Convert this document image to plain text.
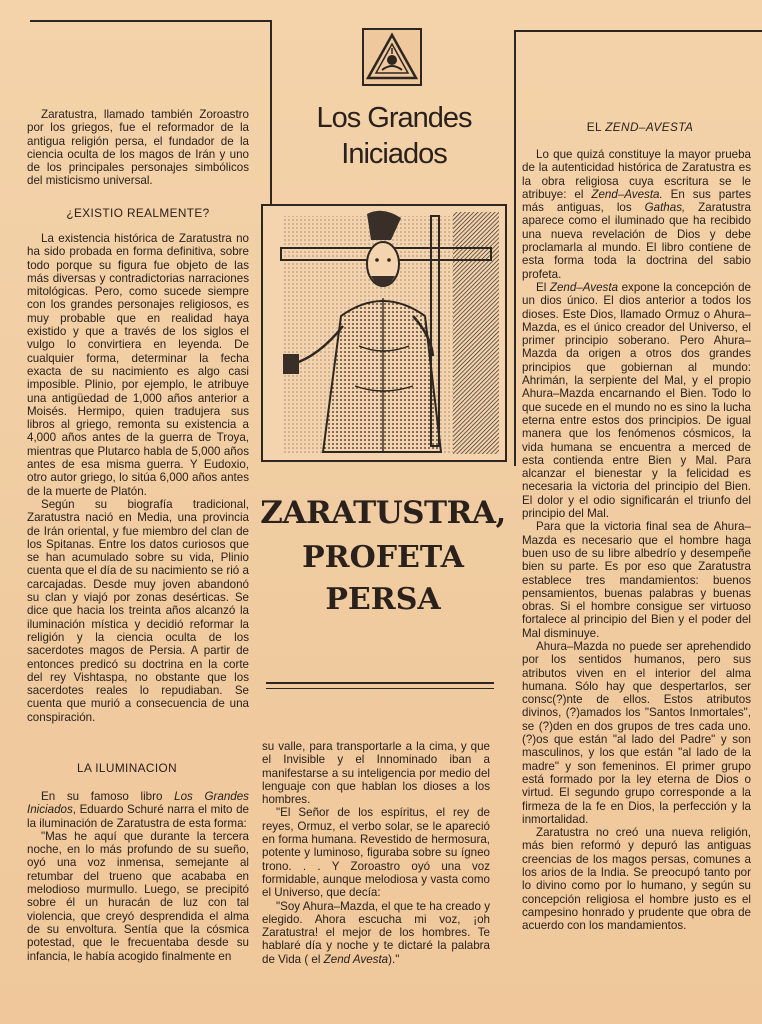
Los Grandes
Iniciados
ZARATUSTRA,
PROFETA
PERSA

Zaratustra, llamado también Zoroastro por los griegos, fue el reformador de la antigua religión persa, el fundador de la ciencia oculta de los magos de Irán y uno de los principales personajes simbólicos del misticismo universal.

¿EXISTIO REALMENTE?

La existencia histórica de Zaratustra no ha sido probada en forma definitiva, sobre todo porque su figura fue objeto de las más diversas y contradictorias narraciones mitológicas. Pero, como sucede siempre con los grandes personajes religiosos, es muy probable que en realidad haya existido y que a través de los siglos el vulgo lo convirtiera en leyenda. De cualquier forma, determinar la fecha exacta de su nacimiento es algo casi imposible. Plinio, por ejemplo, le atribuye una antigüedad de 1,000 años anterior a Moisés. Hermipo, quien tradujera sus libros al griego, remonta su existencia a 4,000 años antes de la guerra de Troya, mientras que Plutarco habla de 5,000 años antes de esa misma guerra. Y Eudoxio, otro autor griego, lo sitúa 6,000 años antes de la muerte de Platón.

Según su biografía tradicional, Zaratustra nació en Media, una provincia de Irán oriental, y fue miembro del clan de los Spitanas. Entre los datos curiosos que se han acumulado sobre su vida, Plinio cuenta que el día de su nacimiento se rió a carcajadas. Desde muy joven abandonó su clan y viajó por zonas desérticas. Se dice que hacia los treinta años alcanzó la iluminación mística y decidió reformar la religión y la ciencia oculta de los sacerdotes magos de Persia. A partir de entonces predicó su doctrina en la corte del rey Vishtaspa, no obstante que los sacerdotes reales lo repudiaban. Se cuenta que murió a consecuencia de una conspiración.

LA ILUMINACION

En su famoso libro Los Grandes Iniciados, Eduardo Schuré narra el mito de la iluminación de Zaratustra de esta forma:

"Mas he aquí que durante la tercera noche, en lo más profundo de su sueño, oyó una voz inmensa, semejante al retumbar del trueno que acababa en melodioso murmullo. Luego, se precipitó sobre él un huracán de luz con tal violencia, que creyó desprendida el alma de su envoltura. Sentía que la cósmica potestad, que le frecuentaba desde su infancia, le había acogido finalmente en

su valle, para transportarle a la cima, y que el Invisible y el Innominado iban a manifestarse a su inteligencia por medio del lenguaje con que hablan los dioses a los hombres.

"El Señor de los espíritus, el rey de reyes, Ormuz, el verbo solar, se le apareció en forma humana. Revestido de hermosura, potente y luminoso, figuraba sobre su ígneo trono. . . Y Zoroastro oyó una voz formidable, aunque melodiosa y vasta como el Universo, que decía:

"Soy Ahura–Mazda, el que te ha creado y elegido. Ahora escucha mi voz, ¡oh Zaratustra! el mejor de los hombres. Te hablaré día y noche y te dictaré la palabra de Vida ( el Zend Avesta)."

EL ZEND–AVESTA

Lo que quizá constituye la mayor prueba de la autenticidad histórica de Zaratustra es la obra religiosa cuya escritura se le atribuye: el Zend–Avesta. En sus partes más antiguas, los Gathas, Zaratustra aparece como el iluminado que ha recibido una nueva revelación de Dios y debe proclamarla al mundo. El libro contiene de esta forma toda la doctrina del sabio profeta.

El Zend–Avesta expone la concepción de un dios único. El dios anterior a todos los dioses. Este Dios, llamado Ormuz o Ahura–Mazda, es el único creador del Universo, el primer principio soberano. Pero Ahura–Mazda da origen a otros dos grandes principios que gobiernan al mundo: Ahrimán, la serpiente del Mal, y el propio Ahura–Mazda encarnando el Bien. Todo lo que sucede en el mundo no es sino la lucha eterna entre estos dos principios. De igual manera que los fenómenos cósmicos, la vida humana se encuentra a merced de esta contienda entre Bien y Mal. Para alcanzar el bienestar y la felicidad es necesaria la victoria del principio del Bien. El dolor y el odio significarán el triunfo del principio del Mal.

Para que la victoria final sea de Ahura–Mazda es necesario que el hombre haga buen uso de su libre albedrío y desempeñe bien su parte. Es por eso que Zaratustra establece tres mandamientos: buenos pensamientos, buenas palabras y buenas obras. Si el hombre consigue ser virtuoso fortalece al principio del Bien y el poder del Mal disminuye.

Ahura–Mazda no puede ser aprehendido por los sentidos humanos, pero sus atributos viven en el interior del alma humana. Sólo hay que despertarlos, ser consc(?)nte de ellos. Estos atributos divinos, (?)amados los "Santos Inmortales", se (?)den en dos grupos de tres cada uno. (?)os que están "al lado del Padre" y son masculinos, y los que están "al lado de la madre" y son femeninos. El primer grupo está formado por la ley eterna de Dios o virtud. El segundo grupo corresponde a la firmeza de la fe en Dios, la perfección y la inmortalidad.

Zaratustra no creó una nueva religión, más bien reformó y depuró las antiguas creencias de los magos persas, comunes a los arios de la India. Se preocupó tanto por lo divino como por lo humano, y según su concepción religiosa el hombre justo es el campesino honrado y prudente que obra de acuerdo con los mandamientos.
